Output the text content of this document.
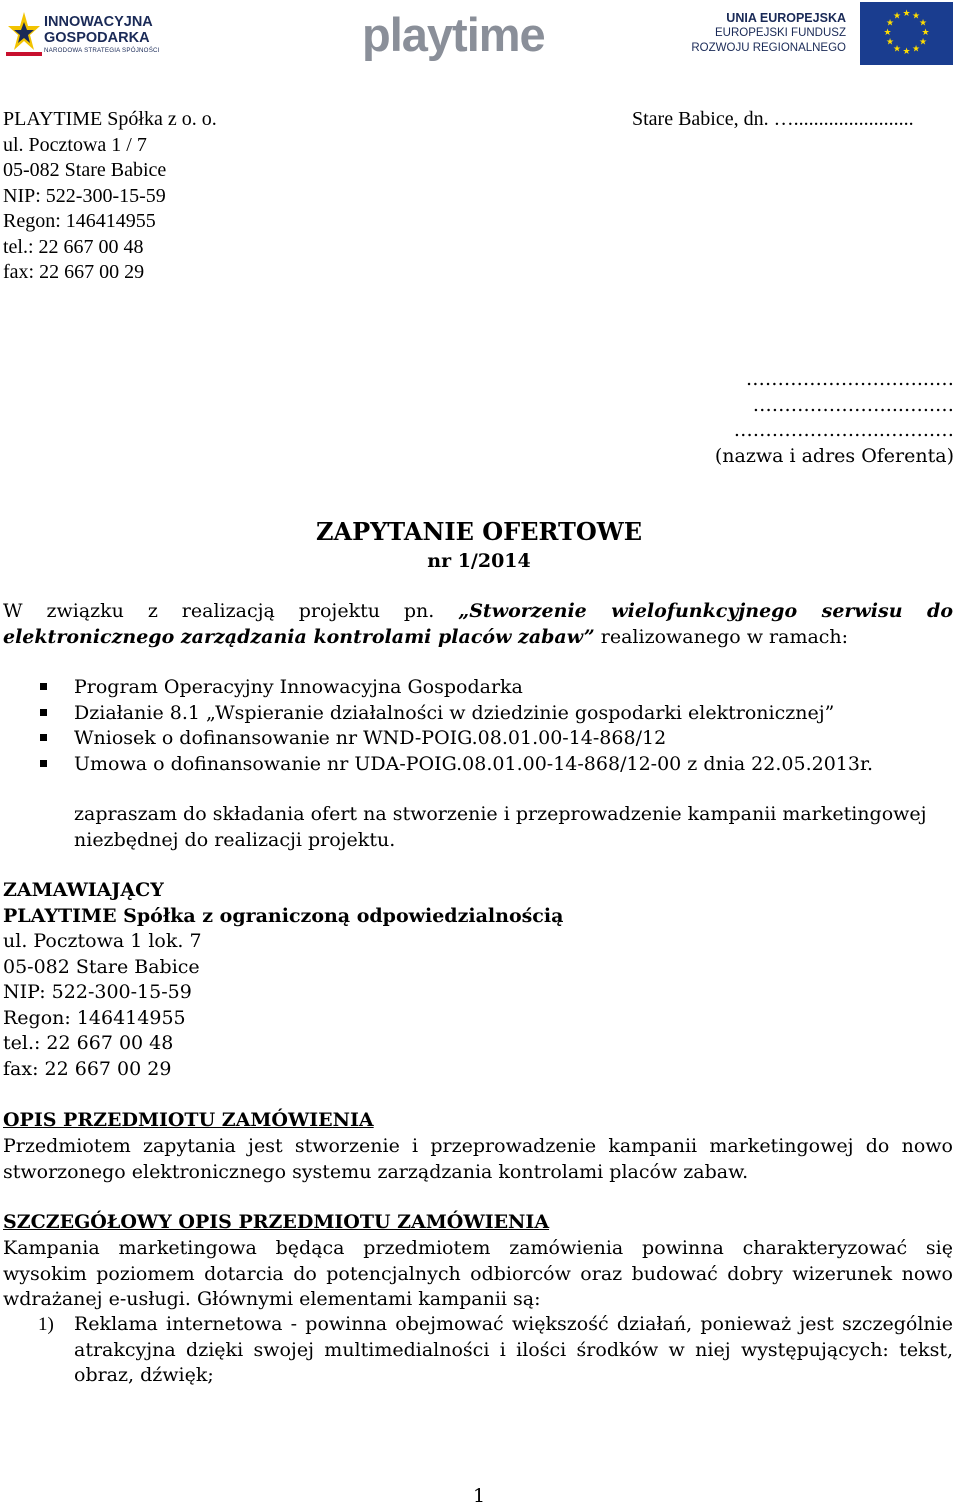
INNOWACYJNA
GOSPODARKA
NARODOWA STRATEGIA SPÓJNOŚCI	playtime	UNIA EUROPEJSKA
EUROPEJSKI FUNDUSZ
ROZWOJU REGIONALNEGO
★ ★
★
★
★
★
★
★
★
★
★
★
PLAYTIME Spółka z o. o.
ul. Pocztowa 1 / 7
05-082 Stare Babice
NIP: 522-300-15-59
Regon: 146414955
tel.: 22 667 00 48
fax: 22 667 00 29
Stare Babice, dn. …........................
………………………...…
…………………...…..…
…………………...……..…
(nazwa i adres Oferenta)
ZAPYTANIE OFERTOWE
nr 1/2014
W związku z realizacją projektu pn. „Stworzenie wielofunkcyjnego serwisu do elektronicznego zarządzania kontrolami placów zabaw” realizowanego w ramach:
Program Operacyjny Innowacyjna Gospodarka
Działanie 8.1 „Wspieranie działalności w dziedzinie gospodarki elektronicznej”
Wniosek o dofinansowanie nr WND-POIG.08.01.00-14-868/12
Umowa o dofinansowanie nr UDA-POIG.08.01.00-14-868/12-00 z dnia 22.05.2013r.
zapraszam do składania ofert na stworzenie i przeprowadzenie kampanii marketingowej niezbędnej do realizacji projektu.
ZAMAWIAJĄCY
PLAYTIME Spółka z ograniczoną odpowiedzialnością
ul. Pocztowa 1 lok. 7
05-082 Stare Babice
NIP: 522-300-15-59
Regon: 146414955
tel.: 22 667 00 48
fax: 22 667 00 29
OPIS PRZEDMIOTU ZAMÓWIENIA
Przedmiotem zapytania jest stworzenie i przeprowadzenie kampanii marketingowej do nowo stworzonego elektronicznego systemu zarządzania kontrolami placów zabaw.
SZCZEGÓŁOWY OPIS PRZEDMIOTU ZAMÓWIENIA
Kampania marketingowa będąca przedmiotem zamówienia powinna charakteryzować się wysokim poziomem dotarcia do potencjalnych odbiorców oraz budować dobry wizerunek nowo wdrażanej e-usługi. Głównymi elementami kampanii są:
1) Reklama internetowa - powinna obejmować większość działań, ponieważ jest szczególnie atrakcyjna dzięki swojej multimedialności i ilości środków w niej występujących: tekst, obraz, dźwięk;
1
